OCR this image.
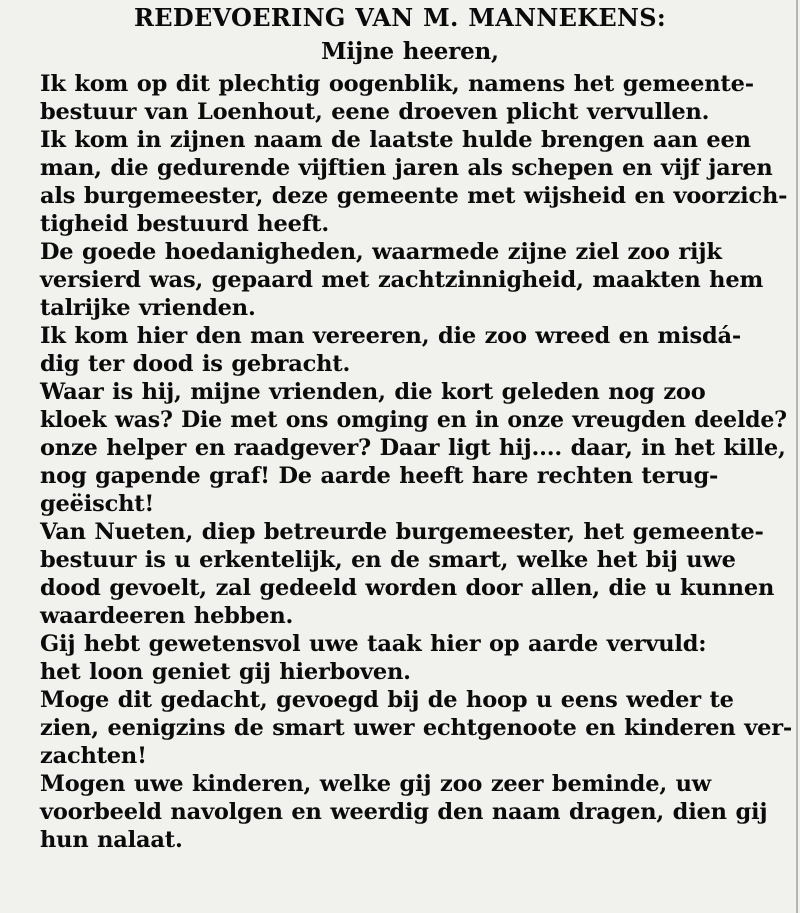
REDEVOERING VAN M. MANNEKENS:
Mijne heeren,
Ik kom op dit plechtig oogenblik, namens het gemeente-
bestuur van Loenhout, eene droeven plicht vervullen.
Ik kom in zijnen naam de laatste hulde brengen aan een
man, die gedurende vijftien jaren als schepen en vijf jaren
als burgemeester, deze gemeente met wijsheid en voorzich-
tigheid bestuurd heeft.
De goede hoedanigheden, waarmede zijne ziel zoo rijk
versierd was, gepaard met zachtzinnigheid, maakten hem
talrijke vrienden.
Ik kom hier den man vereeren, die zoo wreed en misdá-
dig ter dood is gebracht.
Waar is hij, mijne vrienden, die kort geleden nog zoo
kloek was? Die met ons omging en in onze vreugden deelde?
onze helper en raadgever? Daar ligt hij.... daar, in het kille,
nog gapende graf! De aarde heeft hare rechten terug-
geëischt!
Van Nueten, diep betreurde burgemeester, het gemeente-
bestuur is u erkentelijk, en de smart, welke het bij uwe
dood gevoelt, zal gedeeld worden door allen, die u kunnen
waardeeren hebben.
Gij hebt gewetensvol uwe taak hier op aarde vervuld:
het loon geniet gij hierboven.
Moge dit gedacht, gevoegd bij de hoop u eens weder te
zien, eenigzins de smart uwer echtgenoote en kinderen ver-
zachten!
Mogen uwe kinderen, welke gij zoo zeer beminde, uw
voorbeeld navolgen en weerdig den naam dragen, dien gij
hun nalaat.
